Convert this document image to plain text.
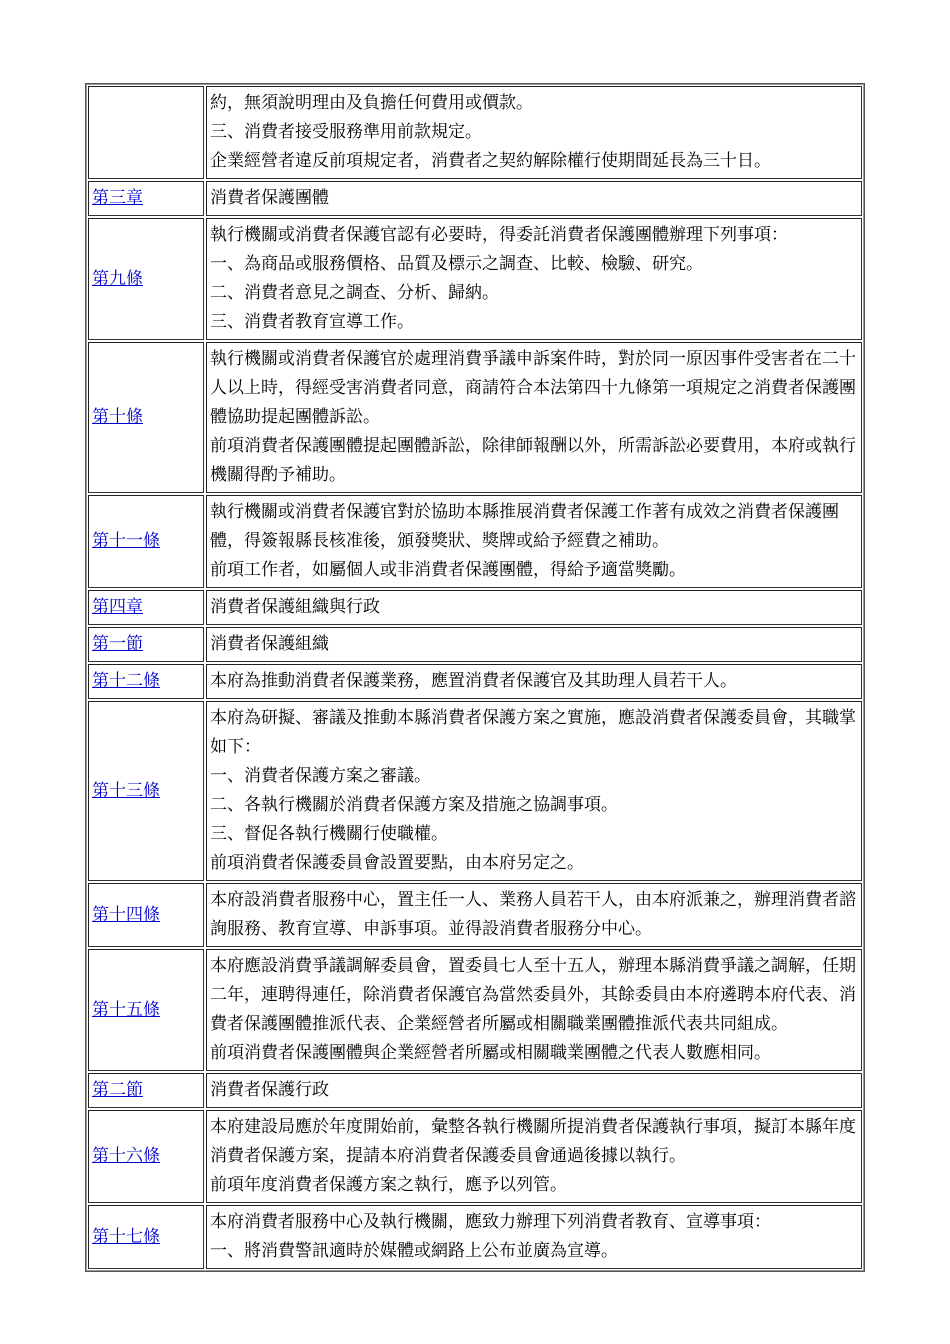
	約，無須說明理由及負擔任何費用或價款。

三、消費者接受服務準用前款規定。

企業經營者違反前項規定者，消費者之契約解除權行使期間延長為三十日。

第三章	消費者保護團體

第九條	執行機關或消費者保護官認有必要時，得委託消費者保護團體辦理下列事項：

一、為商品或服務價格、品質及標示之調查、比較、檢驗、研究。

二、消費者意見之調查、分析、歸納。

三、消費者教育宣導工作。

第十條	執行機關或消費者保護官於處理消費爭議申訴案件時，對於同一原因事件受害者在二十人以上時，得經受害消費者同意，商請符合本法第四十九條第一項規定之消費者保護團體協助提起團體訴訟。

前項消費者保護團體提起團體訴訟，除律師報酬以外，所需訴訟必要費用，本府或執行機關得酌予補助。

第十一條	執行機關或消費者保護官對於協助本縣推展消費者保護工作著有成效之消費者保護團體，得簽報縣長核准後，頒發獎狀、獎牌或給予經費之補助。

前項工作者，如屬個人或非消費者保護團體，得給予適當獎勵。

第四章	消費者保護組織與行政

第一節	消費者保護組織

第十二條	本府為推動消費者保護業務，應置消費者保護官及其助理人員若干人。

第十三條	本府為研擬、審議及推動本縣消費者保護方案之實施，應設消費者保護委員會，其職掌如下：

一、消費者保護方案之審議。

二、各執行機關於消費者保護方案及措施之協調事項。

三、督促各執行機關行使職權。

前項消費者保護委員會設置要點，由本府另定之。

第十四條	本府設消費者服務中心，置主任一人、業務人員若干人，由本府派兼之，辦理消費者諮詢服務、教育宣導、申訴事項。並得設消費者服務分中心。

第十五條	本府應設消費爭議調解委員會，置委員七人至十五人，辦理本縣消費爭議之調解，任期二年，連聘得連任，除消費者保護官為當然委員外，其餘委員由本府遴聘本府代表、消費者保護團體推派代表、企業經營者所屬或相關職業團體推派代表共同組成。

前項消費者保護團體與企業經營者所屬或相關職業團體之代表人數應相同。

第二節	消費者保護行政

第十六條	本府建設局應於年度開始前，彙整各執行機關所提消費者保護執行事項，擬訂本縣年度消費者保護方案，提請本府消費者保護委員會通過後據以執行。

前項年度消費者保護方案之執行，應予以列管。

第十七條	本府消費者服務中心及執行機關，應致力辦理下列消費者教育、宣導事項：

一、將消費警訊適時於媒體或網路上公布並廣為宣導。
